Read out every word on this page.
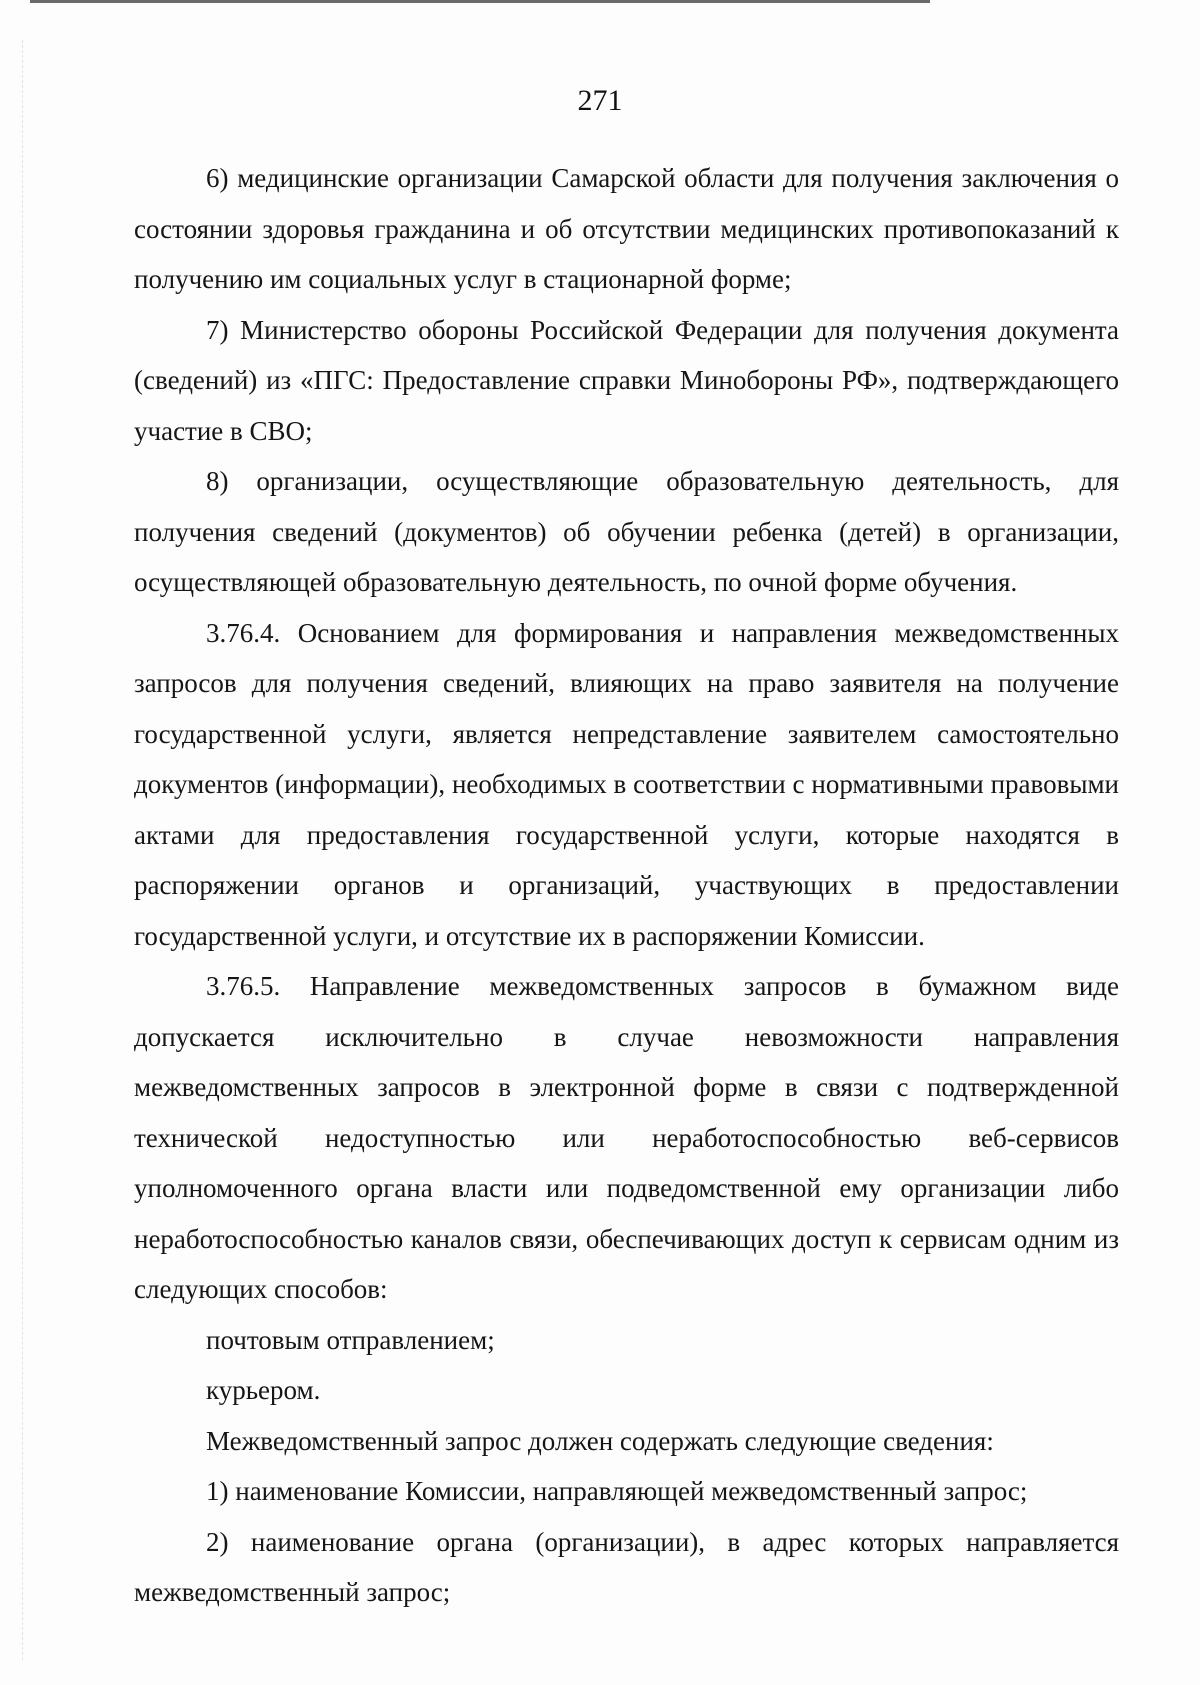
271

6) медицинские организации Самарской области для получения заключения о состоянии здоровья гражданина и об отсутствии медицинских противопоказаний к получению им социальных услуг в стационарной форме;

7) Министерство обороны Российской Федерации для получения документа (сведений) из «ПГС: Предоставление справки Минобороны РФ», подтверждающего участие в СВО;

8) организации, осуществляющие образовательную деятельность, для получения сведений (документов) об обучении ребенка (детей) в организации, осуществляющей образовательную деятельность, по очной форме обучения.

3.76.4. Основанием для формирования и направления межведомственных запросов для получения сведений, влияющих на право заявителя на получение государственной услуги, является непредставление заявителем самостоятельно документов (информации), необходимых в соответствии с нормативными правовыми актами для предоставления государственной услуги, которые находятся в распоряжении органов и организаций, участвующих в предоставлении государственной услуги, и отсутствие их в распоряжении Комиссии.

3.76.5. Направление межведомственных запросов в бумажном виде допускается исключительно в случае невозможности направления межведомственных запросов в электронной форме в связи с подтвержденной технической недоступностью или неработоспособностью веб-сервисов уполномоченного органа власти или подведомственной ему организации либо неработоспособностью каналов связи, обеспечивающих доступ к сервисам одним из следующих способов:

почтовым отправлением;

курьером.

Межведомственный запрос должен содержать следующие сведения:

1) наименование Комиссии, направляющей межведомственный запрос;

2) наименование органа (организации), в адрес которых направляется межведомственный запрос;
